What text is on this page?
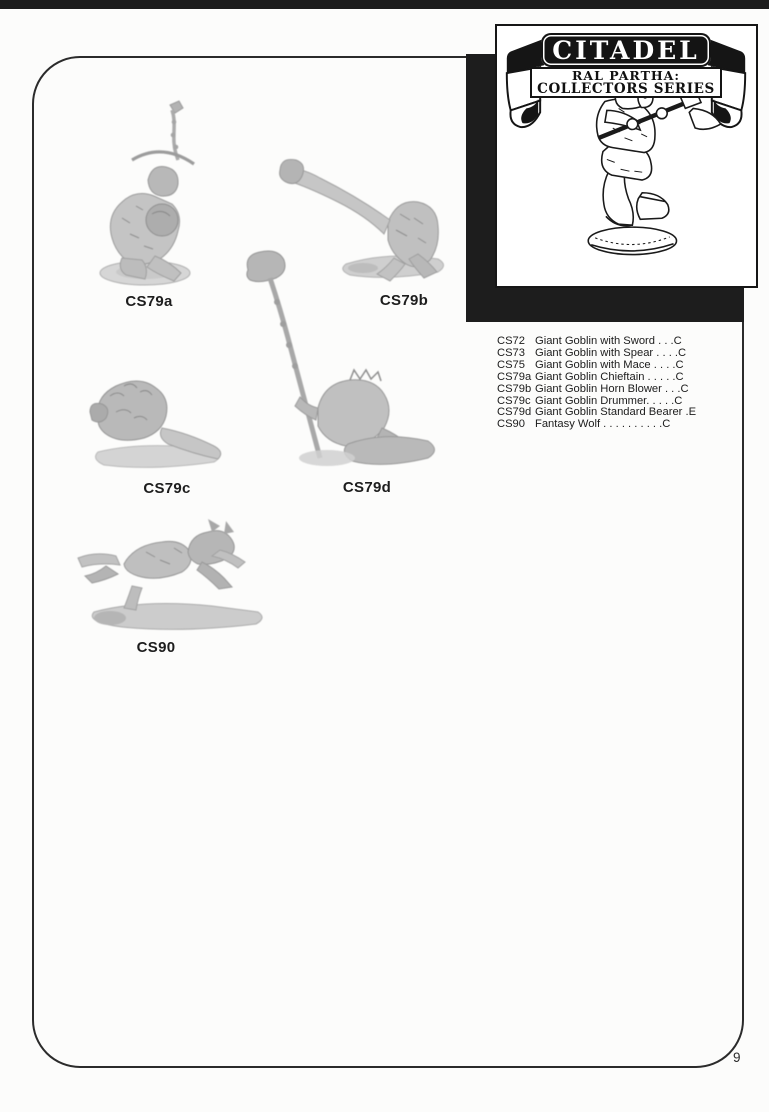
CS79a	CS79b
CS79c	CS79d
CS90
CITADEL
RAL PARTHA:
COLLECTORS SERIES
CS72 Giant Goblin with Sword . . .C
CS73 Giant Goblin with Spear . . . .C
CS75 Giant Goblin with Mace . . . .C
CS79a Giant Goblin Chieftain . . . . .C
CS79b Giant Goblin Horn Blower . . .C
CS79c Giant Goblin Drummer. . . . .C
CS79d Giant Goblin Standard Bearer .E
CS90 Fantasy Wolf . . . . . . . . . .C
9
